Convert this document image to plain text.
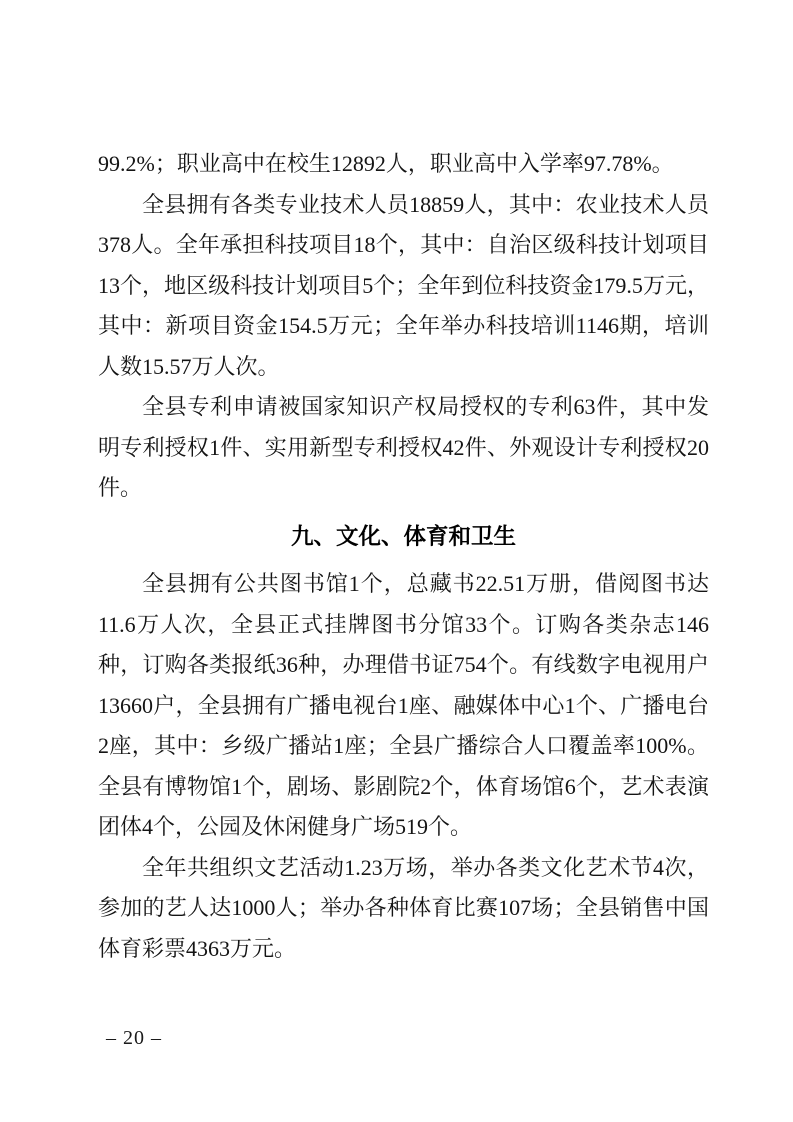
99.2%；职业高中在校生12892人，职业高中入学率97.78%。

全县拥有各类专业技术人员18859人，其中：农业技术人员378人。全年承担科技项目18个，其中：自治区级科技计划项目13个，地区级科技计划项目5个；全年到位科技资金179.5万元，其中：新项目资金154.5万元；全年举办科技培训1146期，培训人数15.57万人次。

全县专利申请被国家知识产权局授权的专利63件，其中发明专利授权1件、实用新型专利授权42件、外观设计专利授权20件。

九、文化、体育和卫生

全县拥有公共图书馆1个，总藏书22.51万册，借阅图书达11.6万人次，全县正式挂牌图书分馆33个。订购各类杂志146种，订购各类报纸36种，办理借书证754个。有线数字电视用户13660户，全县拥有广播电视台1座、融媒体中心1个、广播电台2座，其中：乡级广播站1座；全县广播综合人口覆盖率100%。全县有博物馆1个，剧场、影剧院2个，体育场馆6个，艺术表演团体4个，公园及休闲健身广场519个。

全年共组织文艺活动1.23万场，举办各类文化艺术节4次，参加的艺人达1000人；举办各种体育比赛107场；全县销售中国体育彩票4363万元。

– 20 –
